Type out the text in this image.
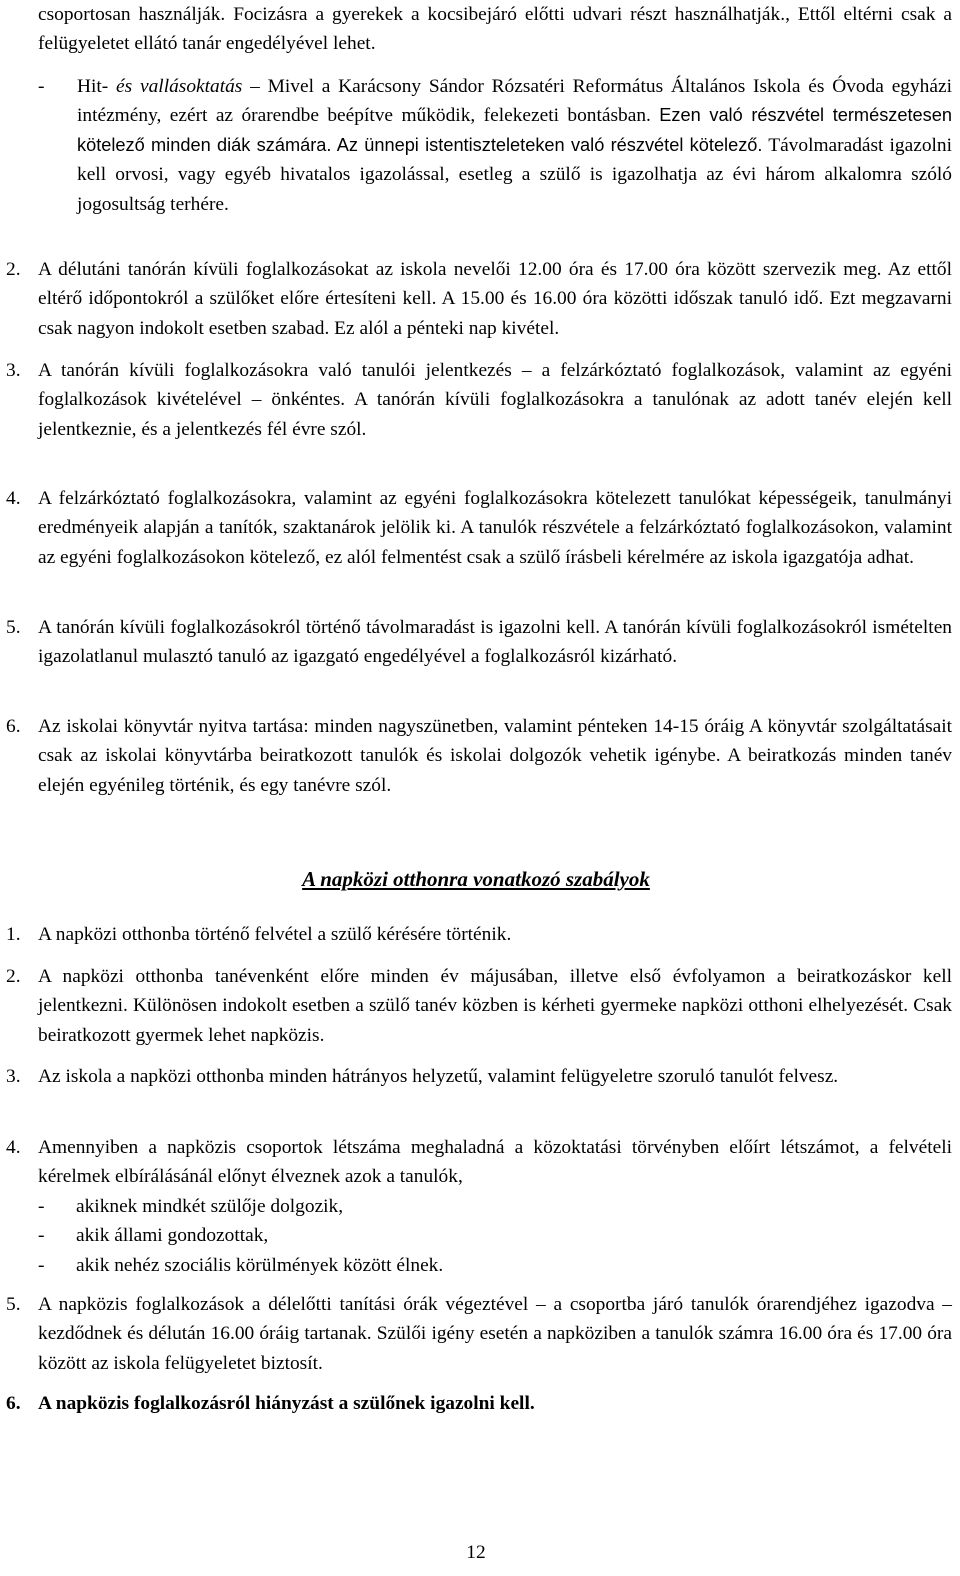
csoportosan használják. Focizásra a gyerekek a kocsibejáró előtti udvari részt használhatják., Ettől eltérni csak a felügyeletet ellátó tanár engedélyével lehet.

- Hit- és vallásoktatás – Mivel a Karácsony Sándor Rózsatéri Református Általános Iskola és Óvoda egyházi intézmény, ezért az órarendbe beépítve működik, felekezeti bontásban. Ezen való részvétel természetesen kötelező minden diák számára. Az ünnepi istentiszteleteken való részvétel kötelező. Távolmaradást igazolni kell orvosi, vagy egyéb hivatalos igazolással, esetleg a szülő is igazolhatja az évi három alkalomra szóló jogosultság terhére.

2. A délutáni tanórán kívüli foglalkozásokat az iskola nevelői 12.00 óra és 17.00 óra között szervezik meg. Az ettől eltérő időpontokról a szülőket előre értesíteni kell. A 15.00 és 16.00 óra közötti időszak tanuló idő. Ezt megzavarni csak nagyon indokolt esetben szabad. Ez alól a pénteki nap kivétel.
3. A tanórán kívüli foglalkozásokra való tanulói jelentkezés – a felzárkóztató foglalkozások, valamint az egyéni foglalkozások kivételével – önkéntes. A tanórán kívüli foglalkozásokra a tanulónak az adott tanév elején kell jelentkeznie, és a jelentkezés fél évre szól.
A napközi otthonra vonatkozó szabályok
1. A napközi otthonba történő felvétel a szülő kérésére történik.
2. A napközi otthonba tanévenként előre minden év májusában, illetve első évfolyamon a beiratkozáskor kell jelentkezni. Különösen indokolt esetben a szülő tanév közben is kérheti gyermeke napközi otthoni elhelyezését. Csak beiratkozott gyermek lehet napközis.
3. Az iskola a napközi otthonba minden hátrányos helyzetű, valamint felügyeletre szoruló tanulót felvesz.
4. Amennyiben a napközis csoportok létszáma meghaladná a közoktatási törvényben előírt létszámot, a felvételi kérelmek elbírálásánál előnyt élveznek azok a tanulók,
- akiknek mindkét szülője dolgozik,
- akik állami gondozottak,
- akik nehéz szociális körülmények között élnek.
5. A napközis foglalkozások a délelőtti tanítási órák végeztével – a csoportba járó tanulók órarendjéhez igazodva – kezdődnek és délután 16.00 óráig tartanak. Szülői igény esetén a napköziben a tanulók számra 16.00 óra és 17.00 óra között az iskola felügyeletet biztosít.
6. A napközis foglalkozásról hiányzást a szülőnek igazolni kell.
4. A felzárkóztató foglalkozásokra, valamint az egyéni foglalkozásokra kötelezett tanulókat képességeik, tanulmányi eredményeik alapján a tanítók, szaktanárok jelölik ki. A tanulók részvétele a felzárkóztató foglalkozásokon, valamint az egyéni foglalkozásokon kötelező, ez alól felmentést csak a szülő írásbeli kérelmére az iskola igazgatója adhat.
5. A tanórán kívüli foglalkozásokról történő távolmaradást is igazolni kell. A tanórán kívüli foglalkozásokról ismételten igazolatlanul mulasztó tanuló az igazgató engedélyével a foglalkozásról kizárható.
12
6. Az iskolai könyvtár nyitva tartása: minden nagyszünetben, valamint pénteken 14-15 óráig A könyvtár szolgáltatásait csak az iskolai könyvtárba beiratkozott tanulók és iskolai dolgozók vehetik igénybe. A beiratkozás minden tanév elején egyénileg történik, és egy tanévre szól.
